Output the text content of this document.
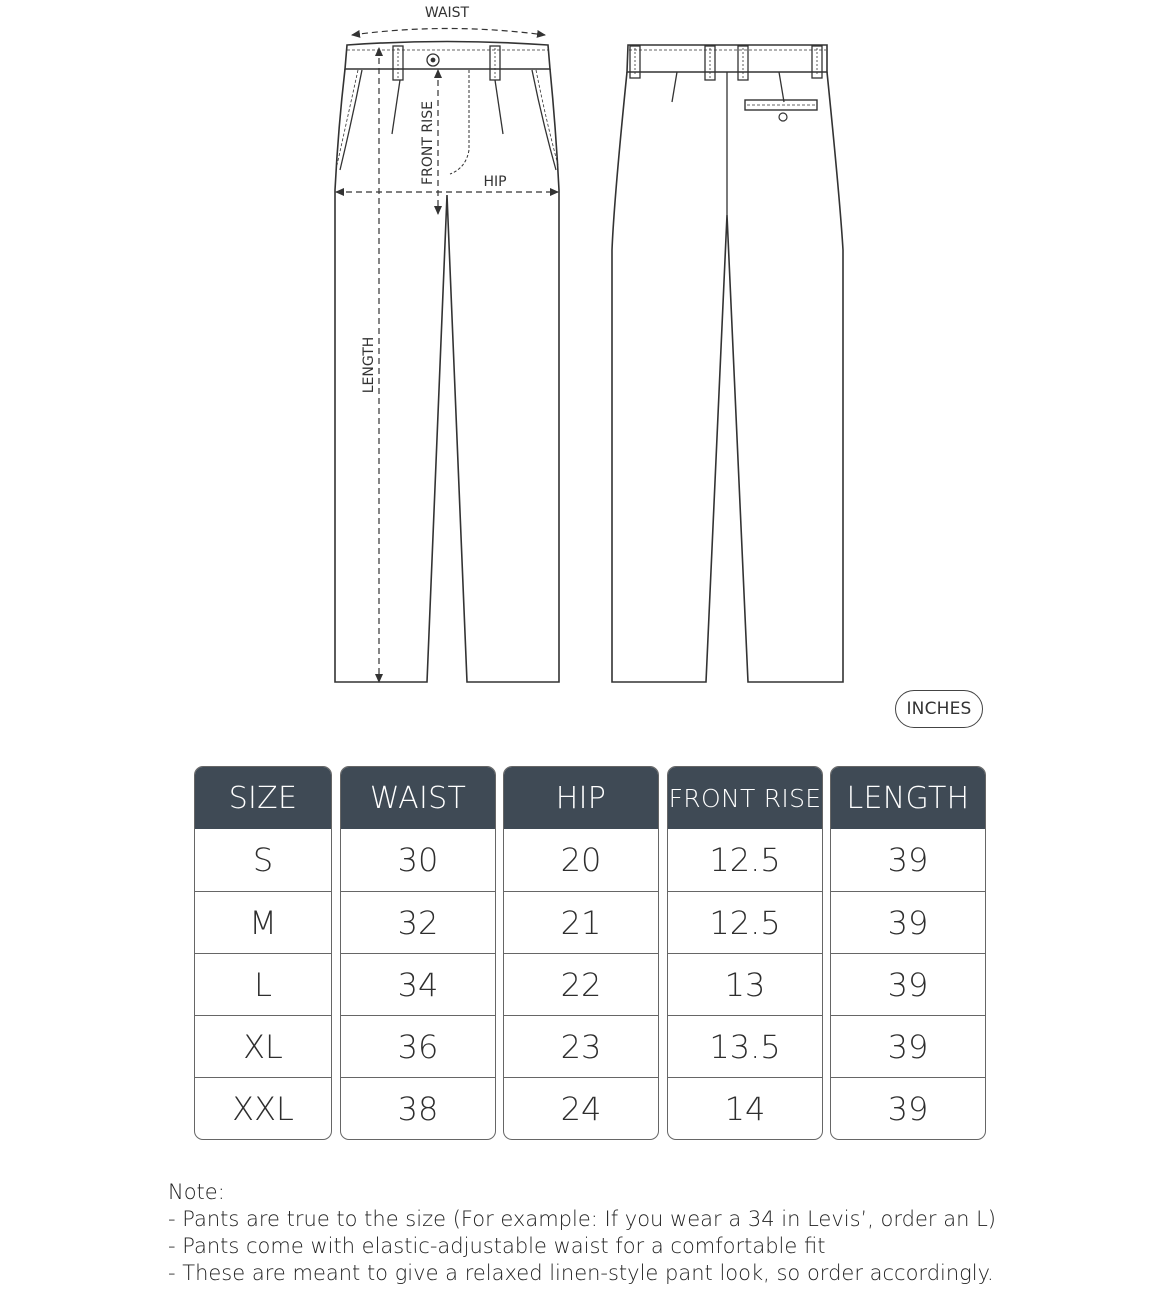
WAIST
HIP
FRONT RISE
LENGTH
INCHES
SIZE
S
M
L
XL
XXL
WAIST
30
32
34
36
38
HIP
20
21
22
23
24
FRONT RISE
12.5
12.5
13
13.5
14
LENGTH
39
39
39
39
39
Note:
- Pants are true to the size (For example: If you wear a 34 in Levis’, order an L)
- Pants come with elastic-adjustable waist for a comfortable fit
- These are meant to give a relaxed linen-style pant look, so order accordingly.
